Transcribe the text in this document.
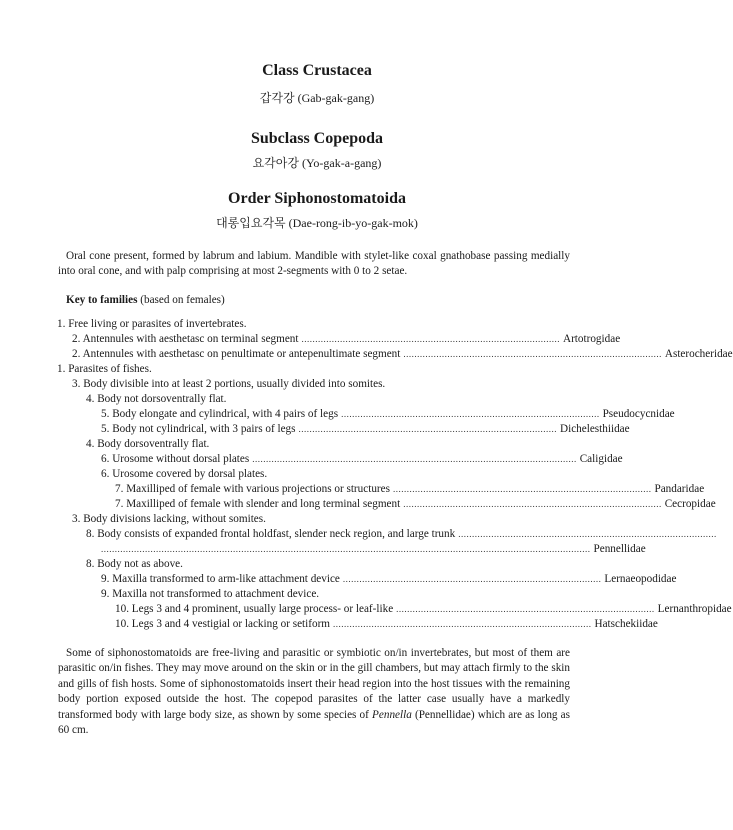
Class Crustacea
갑각강 (Gab-gak-gang)
Subclass Copepoda
요각아강 (Yo-gak-a-gang)
Order Siphonostomatoida
대롱입요각목 (Dae-rong-ib-yo-gak-mok)

Oral cone present, formed by labrum and labium. Mandible with stylet-like coxal gnathobase passing medially into oral cone, and with palp comprising at most 2-segments with 0 to 2 setae.

Key to families (based on females)
1. Free living or parasites of invertebrates.
2. Antennules with aesthetasc on terminal segment .............................................................................................. Artotrogidae
2. Antennules with aesthetasc on penultimate or antepenultimate segment .............................................................................................. Asterocheridae
1. Parasites of fishes.
3. Body divisible into at least 2 portions, usually divided into somites.
4. Body not dorsoventrally flat.
5. Body elongate and cylindrical, with 4 pairs of legs .............................................................................................. Pseudocycnidae
5. Body not cylindrical, with 3 pairs of legs .............................................................................................. Dichelesthiidae
4. Body dorsoventrally flat.
6. Urosome without dorsal plates ...................................................................................................................... Caligidae
6. Urosome covered by dorsal plates.
7. Maxilliped of female with various projections or structures .............................................................................................. Pandaridae
7. Maxilliped of female with slender and long terminal segment .............................................................................................. Cecropidae
3. Body divisions lacking, without somites.
8. Body consists of expanded frontal holdfast, slender neck region, and large trunk ..............................................................................................
.................................................................................................................................................................................. Pennellidae
8. Body not as above.
9. Maxilla transformed to arm-like attachment device .............................................................................................. Lernaeopodidae
9. Maxilla not transformed to attachment device.
10. Legs 3 and 4 prominent, usually large process- or leaf-like .............................................................................................. Lernanthropidae
10. Legs 3 and 4 vestigial or lacking or setiform .............................................................................................. Hatschekiidae

Some of siphonostomatoids are free-living and parasitic or symbiotic on/in invertebrates, but most of them are parasitic on/in fishes. They may move around on the skin or in the gill chambers, but may attach firmly to the skin and gills of fish hosts. Some of siphonostomatoids insert their head region into the host tissues with the remaining body portion exposed outside the host. The copepod parasites of the latter case usually have a markedly transformed body with large body size, as shown by some species of Pennella (Pennellidae) which are as long as 60 cm.
